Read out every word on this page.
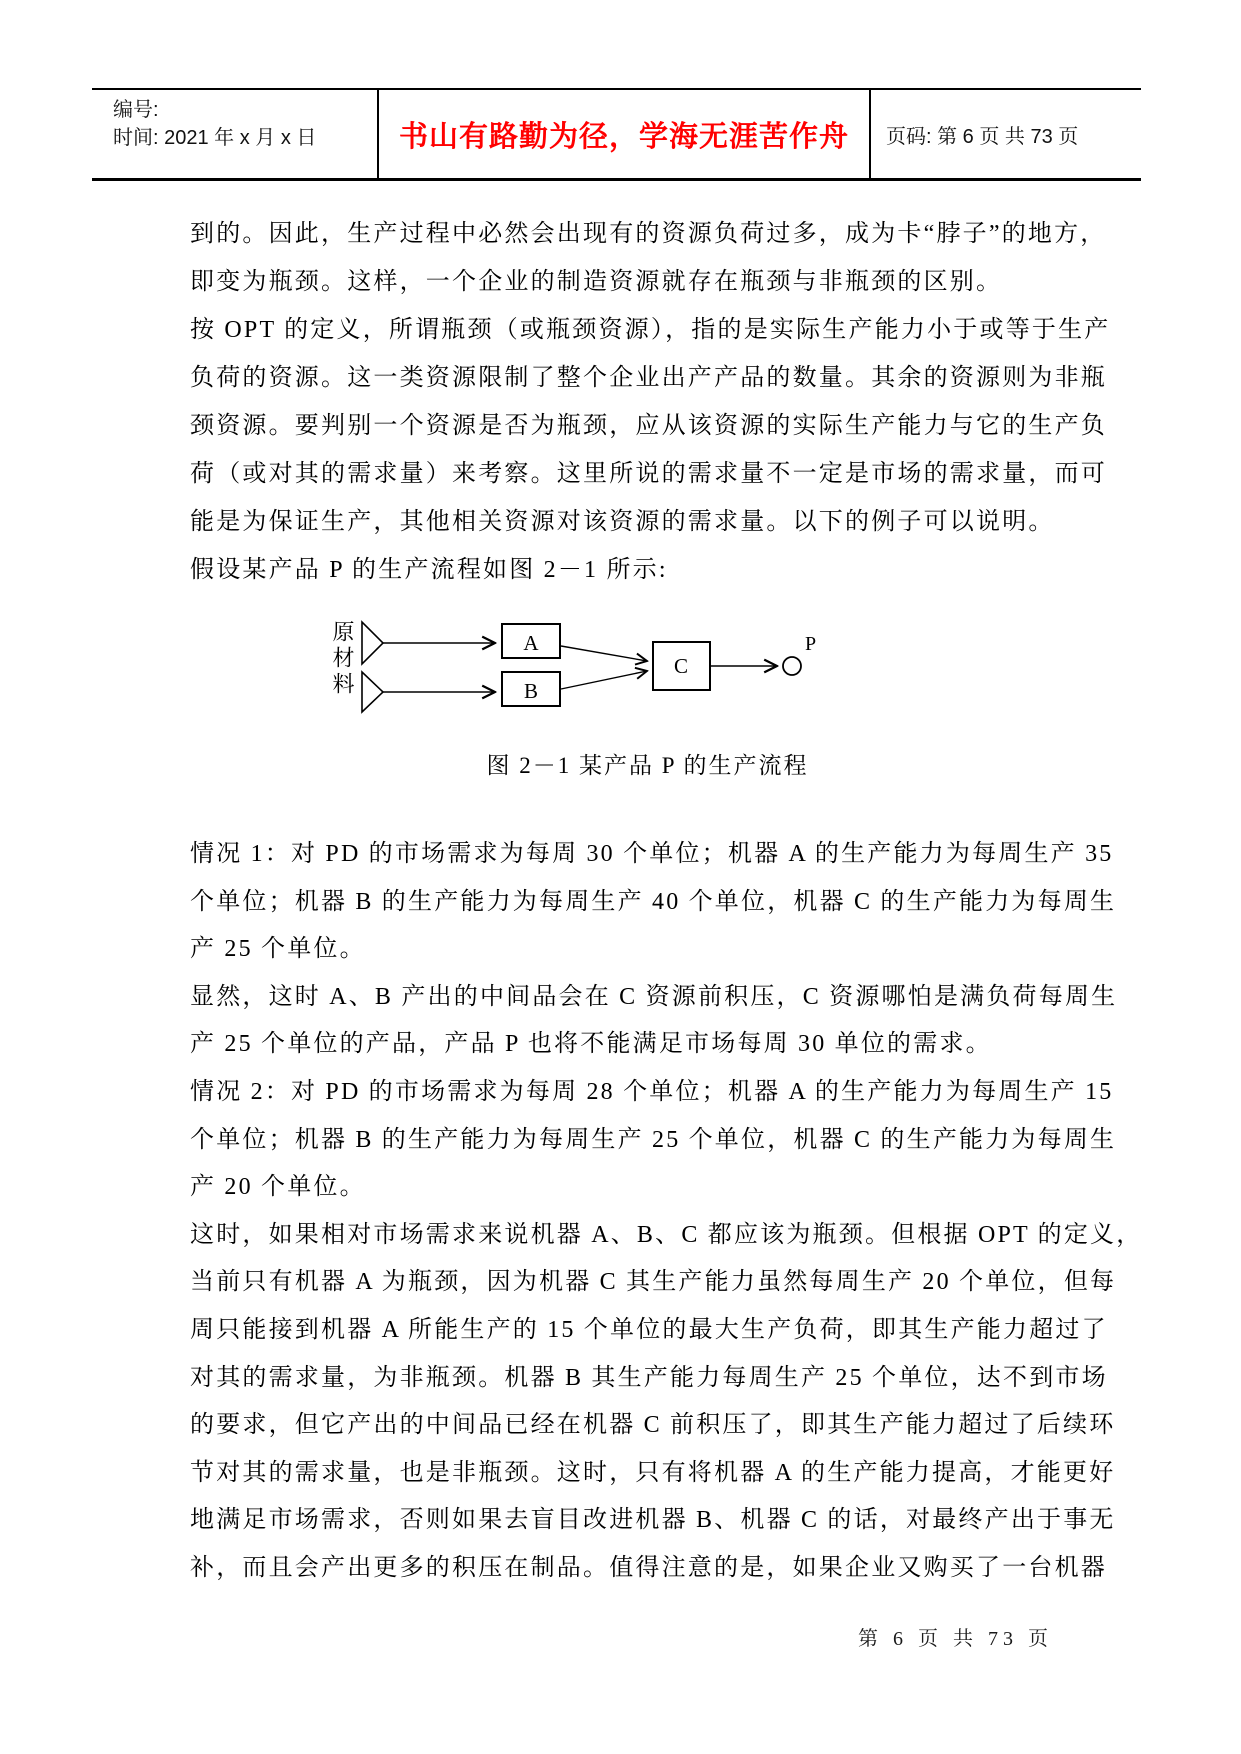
编号:
时间: 2021 年 x 月 x 日	书山有路勤为径，学海无涯苦作舟 页码: 第 6 页 共 73 页
到的。因此，生产过程中必然会出现有的资源负荷过多，成为卡“脖子”的地方，
即变为瓶颈。这样，一个企业的制造资源就存在瓶颈与非瓶颈的区别。
按 OPT 的定义，所谓瓶颈（或瓶颈资源），指的是实际生产能力小于或等于生产
负荷的资源。这一类资源限制了整个企业出产产品的数量。其余的资源则为非瓶
颈资源。要判别一个资源是否为瓶颈，应从该资源的实际生产能力与它的生产负
荷（或对其的需求量）来考察。这里所说的需求量不一定是市场的需求量，而可
能是为保证生产，其他相关资源对该资源的需求量。以下的例子可以说明。
假设某产品 P 的生产流程如图 2－1 所示:
A
B
C
P
原材料
图 2－1 某产品 P 的生产流程
情况 1：对 PD 的市场需求为每周 30 个单位；机器 A 的生产能力为每周生产 35
个单位；机器 B 的生产能力为每周生产 40 个单位，机器 C 的生产能力为每周生
产 25 个单位。
显然，这时 A、B 产出的中间品会在 C 资源前积压，C 资源哪怕是满负荷每周生
产 25 个单位的产品，产品 P 也将不能满足市场每周 30 单位的需求。
情况 2：对 PD 的市场需求为每周 28 个单位；机器 A 的生产能力为每周生产 15
个单位；机器 B 的生产能力为每周生产 25 个单位，机器 C 的生产能力为每周生
产 20 个单位。
这时，如果相对市场需求来说机器 A、B、C 都应该为瓶颈。但根据 OPT 的定义，
当前只有机器 A 为瓶颈，因为机器 C 其生产能力虽然每周生产 20 个单位，但每
周只能接到机器 A 所能生产的 15 个单位的最大生产负荷，即其生产能力超过了
对其的需求量，为非瓶颈。机器 B 其生产能力每周生产 25 个单位，达不到市场
的要求，但它产出的中间品已经在机器 C 前积压了，即其生产能力超过了后续环
节对其的需求量，也是非瓶颈。这时，只有将机器 A 的生产能力提高，才能更好
地满足市场需求，否则如果去盲目改进机器 B、机器 C 的话，对最终产出于事无
补，而且会产出更多的积压在制品。值得注意的是，如果企业又购买了一台机器
第 6 页 共 73 页
